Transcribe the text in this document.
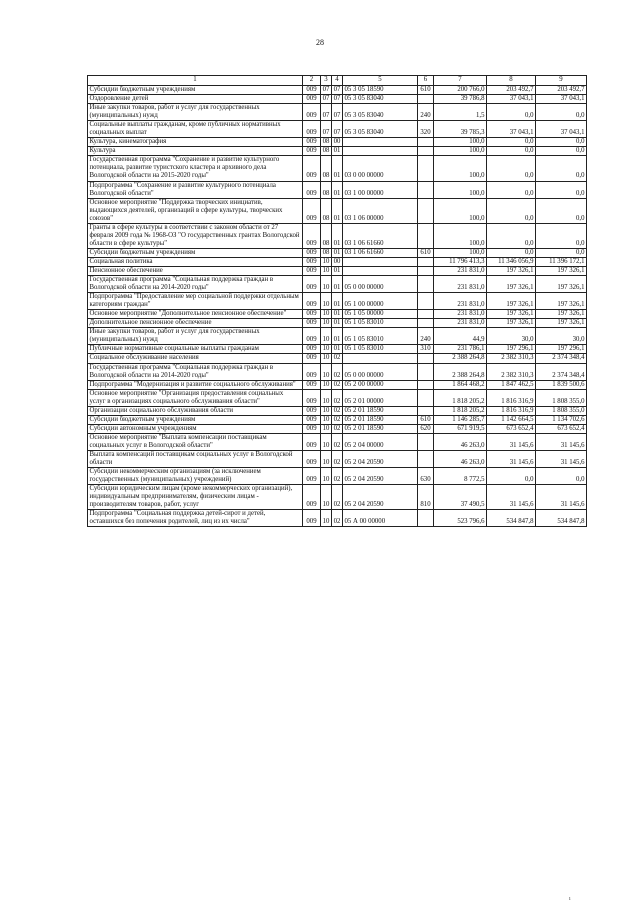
28
1	2	3	4	5	6	7	8	9
Субсидии бюджетным учреждениям	009	07	07	05 3 05 18590	610	200 766,0	203 492,7	203 492,7
Оздоровление детей	009	07	07	05 3 05 83040		39 786,8	37 043,1	37 043,1
Иные закупки товаров, работ и услуг для государственных (муниципальных) нужд	009	07	07	05 3 05 83040	240	1,5	0,0	0,0
Социальные выплаты гражданам, кроме публичных нормативных социальных выплат	009	07	07	05 3 05 83040	320	39 785,3	37 043,1	37 043,1
Культура, кинематография	009	08	00			100,0	0,0	0,0
Культура	009	08	01			100,0	0,0	0,0
Государственная программа "Сохранение и развитие культурного потенциала, развитие туристского кластера и архивного дела Вологодской области на 2015-2020 годы"	009	08	01	03 0 00 00000		100,0	0,0	0,0
Подпрограмма "Сохранение и развитие культурного потенциала Вологодской области"	009	08	01	03 1 00 00000		100,0	0,0	0,0
Основное мероприятие "Поддержка творческих инициатив, выдающихся деятелей, организаций в сфере культуры, творческих союзов"	009	08	01	03 1 06 00000		100,0	0,0	0,0
Гранты в сфере культуры в соответствии с законом области от 27 февраля 2009 года № 1968-ОЗ "О государственных грантах Вологодской области в сфере культуры"	009	08	01	03 1 06 61660		100,0	0,0	0,0
Субсидии бюджетным учреждениям	009	08	01	03 1 06 61660	610	100,0	0,0	0,0
Социальная политика	009	10	00			11 796 413,3	11 346 056,9	11 396 172,1
Пенсионное обеспечение	009	10	01			231 831,0	197 326,1	197 326,1
Государственная программа "Социальная поддержка граждан в Вологодской области на 2014-2020 годы"	009	10	01	05 0 00 00000		231 831,0	197 326,1	197 326,1
Подпрограмма "Предоставление мер социальной поддержки отдельным категориям граждан"	009	10	01	05 1 00 00000		231 831,0	197 326,1	197 326,1
Основное мероприятие "Дополнительное пенсионное обеспечение"	009	10	01	05 1 05 00000		231 831,0	197 326,1	197 326,1
Дополнительное пенсионное обеспечение	009	10	01	05 1 05 83010		231 831,0	197 326,1	197 326,1
Иные закупки товаров, работ и услуг для государственных (муниципальных) нужд	009	10	01	05 1 05 83010	240	44,9	30,0	30,0
Публичные нормативные социальные выплаты гражданам	009	10	01	05 1 05 83010	310	231 786,1	197 296,1	197 296,1
Социальное обслуживание населения	009	10	02			2 388 264,8	2 382 310,3	2 374 348,4
Государственная программа "Социальная поддержка граждан в Вологодской области на 2014-2020 годы"	009	10	02	05 0 00 00000		2 388 264,8	2 382 310,3	2 374 348,4
Подпрограмма "Модернизация и развитие социального обслуживания"	009	10	02	05 2 00 00000		1 864 468,2	1 847 462,5	1 839 500,6
Основное мероприятие "Организация предоставления социальных услуг в организациях социального обслуживания области"	009	10	02	05 2 01 00000		1 818 205,2	1 816 316,9	1 808 355,0
Организации социального обслуживания области	009	10	02	05 2 01 18590		1 818 205,2	1 816 316,9	1 808 355,0
Субсидии бюджетным учреждениям	009	10	02	05 2 01 18590	610	1 146 285,7	1 142 664,5	1 134 702,6
Субсидии автономным учреждениям	009	10	02	05 2 01 18590	620	671 919,5	673 652,4	673 652,4
Основное мероприятие "Выплата компенсации поставщикам социальных услуг в Вологодской области"	009	10	02	05 2 04 00000		46 263,0	31 145,6	31 145,6
Выплата компенсаций поставщикам социальных услуг в Вологодской области	009	10	02	05 2 04 20590		46 263,0	31 145,6	31 145,6
Субсидии некоммерческим организациям (за исключением государственных (муниципальных) учреждений)	009	10	02	05 2 04 20590	630	8 772,5	0,0	0,0
Субсидии юридическим лицам (кроме некоммерческих организаций), индивидуальным предпринимателям, физическим лицам - производителям товаров, работ, услуг	009	10	02	05 2 04 20590	810	37 490,5	31 145,6	31 145,6
Подпрограмма "Социальная поддержка детей-сирот и детей, оставшихся без попечения родителей, лиц из их числа"	009	10	02	05 А 00 00000		523 796,6	534 847,8	534 847,8
ı
